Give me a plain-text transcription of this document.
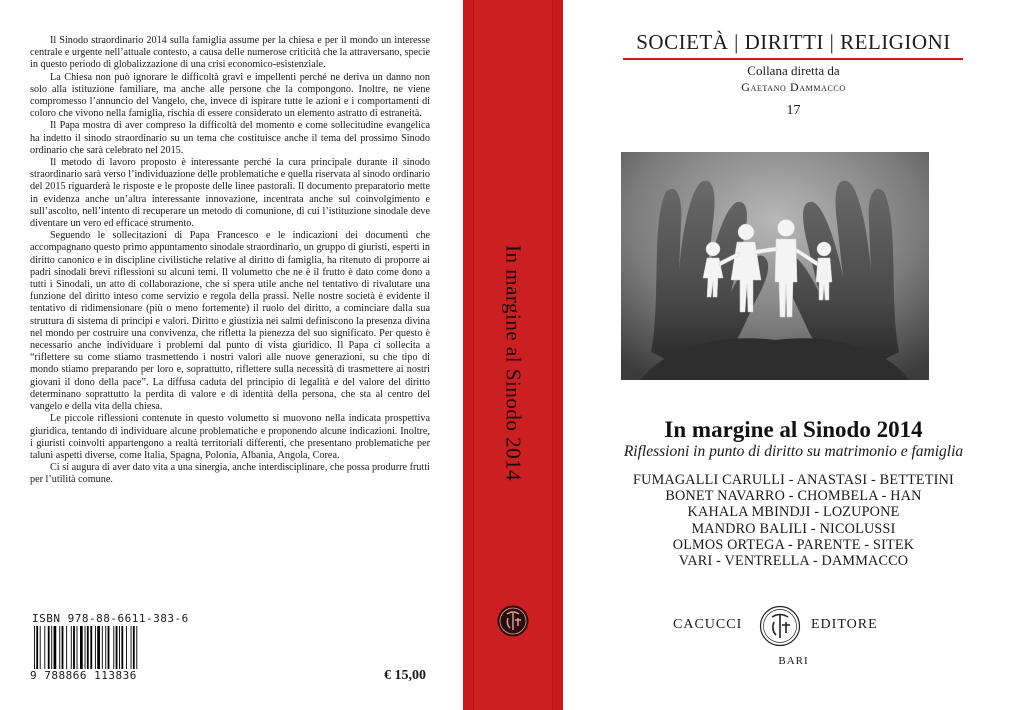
Il Sinodo straordinario 2014 sulla famiglia assume per la chiesa e per il mondo un interesse centrale e urgente nell’attuale contesto, a causa delle numerose criticità che la attraversano, specie in questo periodo di globalizzazione di una crisi economico-esistenziale.

La Chiesa non può ignorare le difficoltà gravi e impellenti perché ne deriva un danno non solo alla istituzione familiare, ma anche alle persone che la compongono. Inoltre, ne viene compromesso l’annuncio del Vangelo, che, invece di ispirare tutte le azioni e i comportamenti di coloro che vivono nella famiglia, rischia di essere considerato un elemento astratto di estraneità.

Il Papa mostra di aver compreso la difficoltà del momento e come sollecitudine evangelica ha indetto il sinodo straordinario su un tema che costituisce anche il tema del prossimo Sinodo ordinario che sarà celebrato nel 2015.

Il metodo di lavoro proposto è interessante perché la cura principale durante il sinodo straordinario sarà verso l’individuazione delle problematiche e quella riservata al sinodo ordinario del 2015 riguarderà le risposte e le proposte delle linee pastorali. Il documento preparatorio mette in evidenza anche un’altra interessante innovazione, incentrata anche sul coinvolgimento e sull’ascolto, nell’intento di recuperare un metodo di comunione, di cui l’istituzione sinodale deve diventare un vero ed efficace strumento.

Seguendo le sollecitazioni di Papa Francesco e le indicazioni dei documenti che accompagnano questo primo appuntamento sinodale straordinario, un gruppo di giuristi, esperti in diritto canonico e in discipline civilistiche relative al diritto di famiglia, ha ritenuto di proporre ai padri sinodali brevi riflessioni su alcuni temi. Il volumetto che ne è il frutto è dato come dono a tutti i Sinodali, un atto di collaborazione, che si spera utile anche nel tentativo di rivalutare una funzione del diritto inteso come servizio e regola della prassi. Nelle nostre società è evidente il tentativo di ridimensionare (più o meno fortemente) il ruolo del diritto, a cominciare dalla sua struttura di sistema di principi e valori. Diritto e giustizia nei salmi definiscono la presenza divina nel mondo per costruire una convivenza, che rifletta la pienezza del suo significato. Per questo è necessario anche individuare i problemi dal punto di vista giuridico. Il Papa ci sollecita a “riflettere su come stiamo trasmettendo i nostri valori alle nuove generazioni, su che tipo di mondo stiamo preparando per loro e, soprattutto, riflettere sulla necessità di trasmettere ai nostri giovani il dono della pace”. La diffusa caduta del principio di legalità e del valore del diritto determinano soprattutto la perdita di valore e di identità della persona, che sta al centro del vangelo e della vita della chiesa.

Le piccole riflessioni contenute in questo volumetto si muovono nella indicata prospettiva giuridica, tentando di individuare alcune problematiche e proponendo alcune indicazioni. Inoltre, i giuristi coinvolti appartengono a realtà territoriali differenti, che presentano problematiche per taluni aspetti diverse, come Italia, Spagna, Polonia, Albania, Angola, Corea.

Ci si augura di aver dato vita a una sinergia, anche interdisciplinare, che possa produrre frutti per l’utilità comune.

ISBN 978-88-6611-383-6
9 788866 113836	€ 15,00
In margine al Sinodo 2014
SOCIETÀ | DIRITTI | RELIGIONI
Collana diretta da
Gaetano Dammacco
17
In margine al Sinodo 2014
Riflessioni in punto di diritto su matrimonio e famiglia
FUMAGALLI CARULLI - ANASTASI - BETTETINI
BONET NAVARRO - CHOMBELA - HAN
KAHALA MBINDJI - LOZUPONE
MANDRO BALILI - NICOLUSSI
OLMOS ORTEGA - PARENTE - SITEK
VARI - VENTRELLA - DAMMACCO
CACUCCI	EDITORE
BARI
